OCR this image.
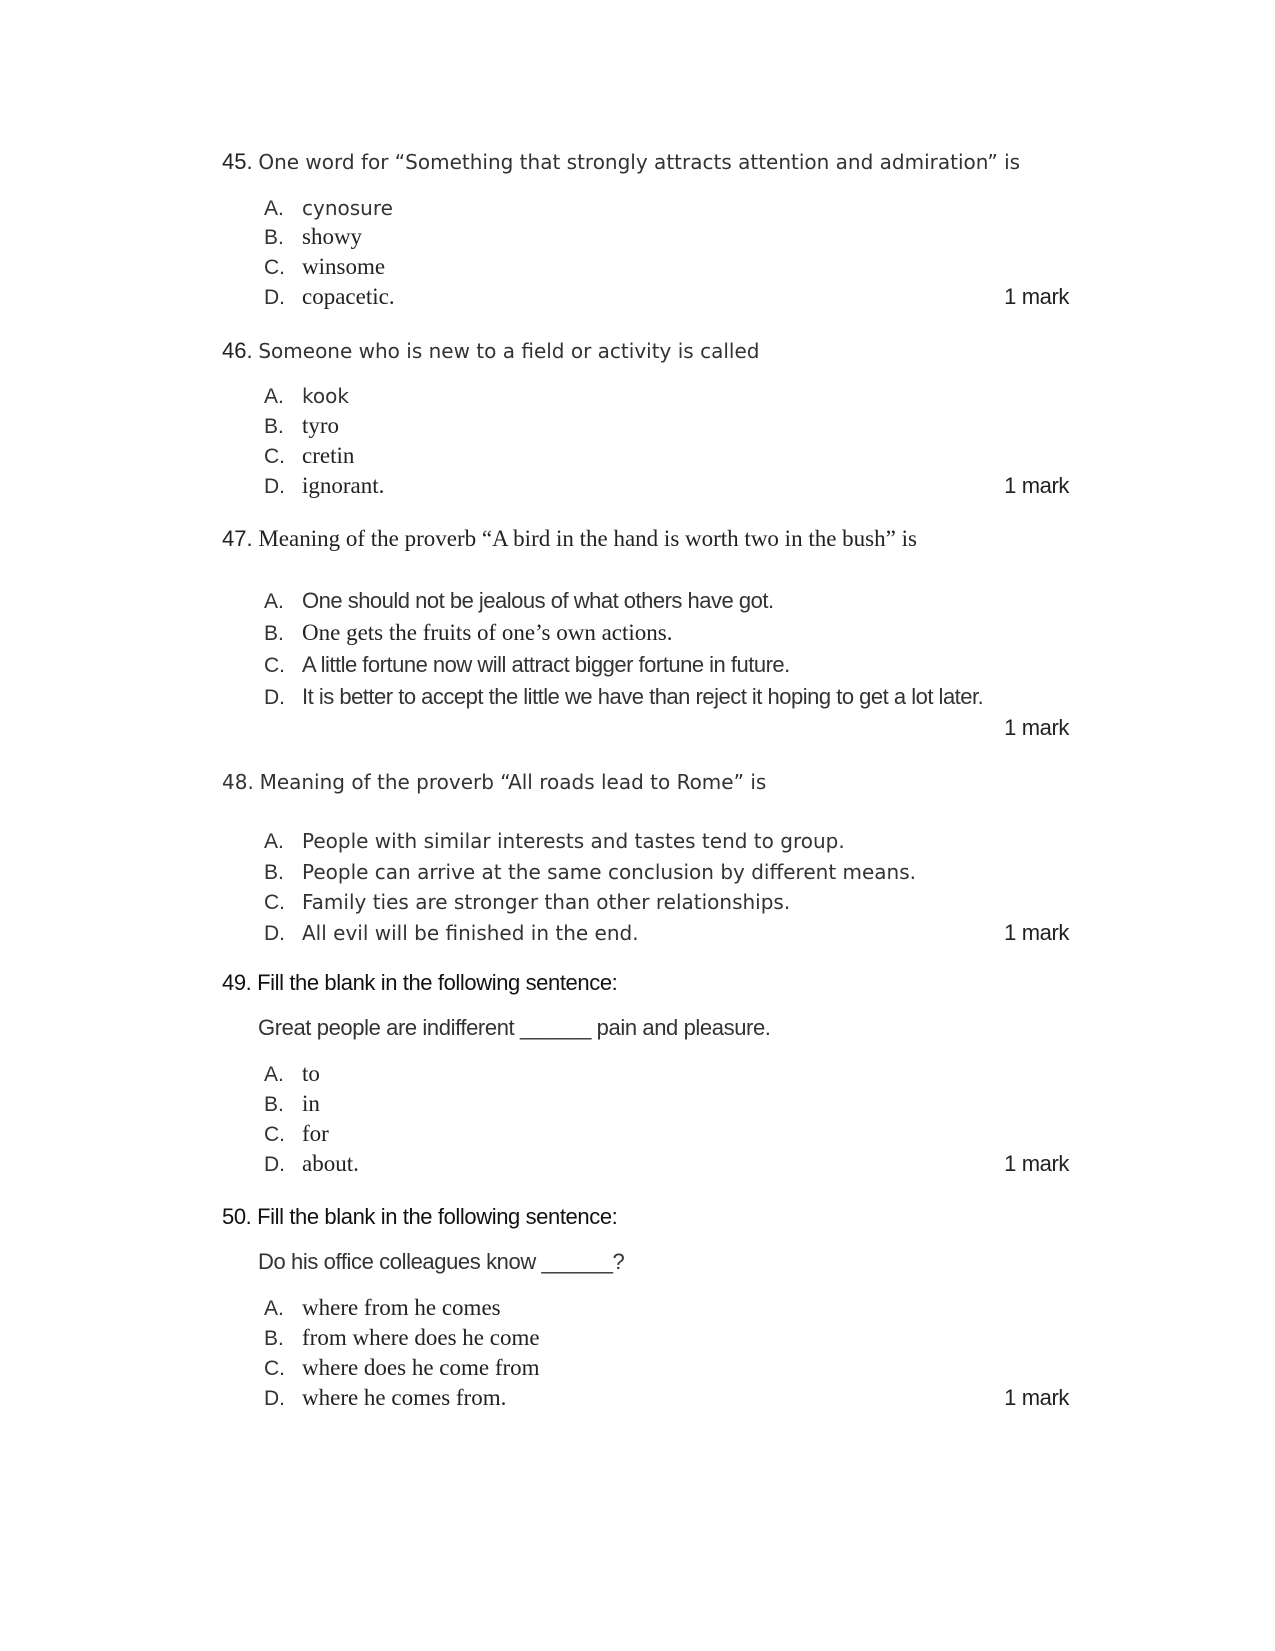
45. One word for “Something that strongly attracts attention and admiration” is
A. cynosure
B. showy
C. winsome
D. copacetic.	1 mark
46. Someone who is new to a field or activity is called
A. kook
B. tyro
C. cretin
D. ignorant.	1 mark
47. Meaning of the proverb “A bird in the hand is worth two in the bush” is
A. One should not be jealous of what others have got.
B. One gets the fruits of one’s own actions.
C. A little fortune now will attract bigger fortune in future.
D. It is better to accept the little we have than reject it hoping to get a lot later.
1 mark
48. Meaning of the proverb “All roads lead to Rome” is
A. People with similar interests and tastes tend to group.
B. People can arrive at the same conclusion by different means.
C. Family ties are stronger than other relationships.
D. All evil will be finished in the end.	1 mark
49. Fill the blank in the following sentence:
Great people are indifferent ______ pain and pleasure.
A. to
B. in
C. for
D. about.	1 mark
50. Fill the blank in the following sentence:
Do his office colleagues know ______?
A. where from he comes
B. from where does he come
C. where does he come from
D. where he comes from.	1 mark
